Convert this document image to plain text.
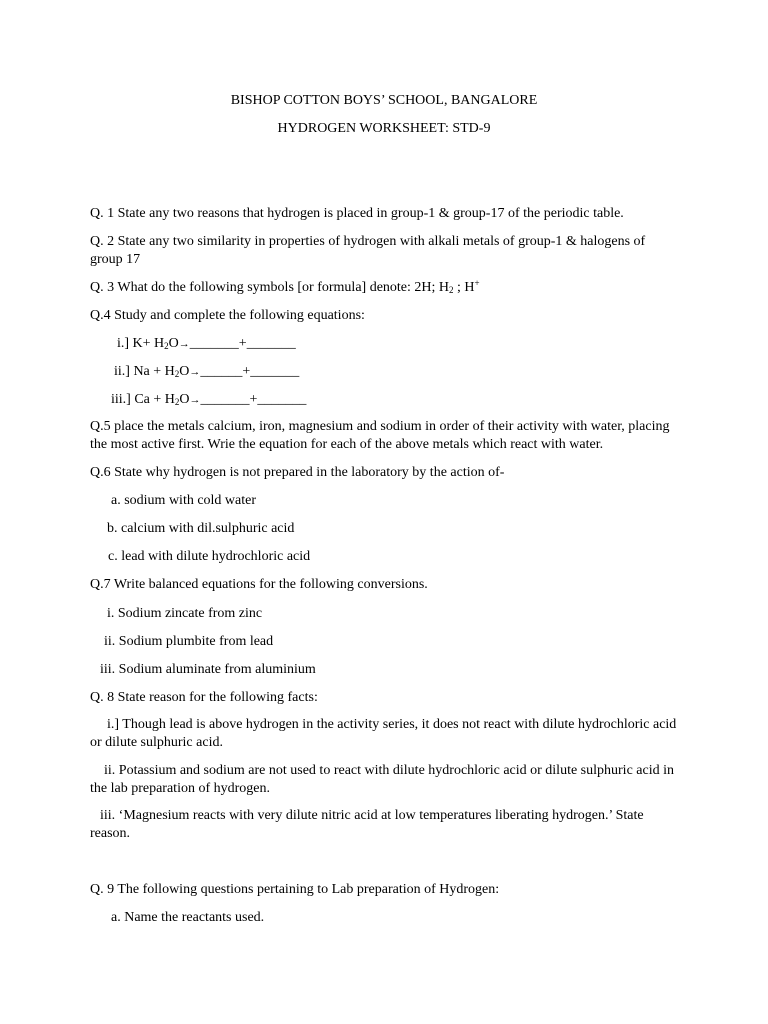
BISHOP COTTON BOYS’ SCHOOL, BANGALORE
HYDROGEN WORKSHEET: STD-9
Q. 1 State any two reasons that hydrogen is placed in group-1 & group-17 of the periodic table.
Q. 2 State any two similarity in properties of hydrogen with alkali metals of group-1 & halogens of group 17
Q. 3 What do the following symbols [or formula] denote: 2H; $H_2$ ; H+
Q.4 Study and complete the following equations:
i.] $K+ H_2O\to\_\_\_\_\_\_\_+\_\_\_\_\_\_\_$
ii.] $Na + H_2O\to\_\_\_\_\_\_+\_\_\_\_\_\_\_$
iii.] $Ca + H_2O\to\_\_\_\_\_\_\_+\_\_\_\_\_\_\_$
Q.5 place the metals calcium, iron, magnesium and sodium in order of their activity with water, placing the most active first. Wrie the equation for each of the above metals which react with water.
Q.6 State why hydrogen is not prepared in the laboratory by the action of-
a. sodium with cold water
b. calcium with dil.sulphuric acid
c. lead with dilute hydrochloric acid
Q.7 Write balanced equations for the following conversions.
i. Sodium zincate from zinc
ii. Sodium plumbite from lead
iii. Sodium aluminate from aluminium
Q. 8 State reason for the following facts:
i.] Though lead is above hydrogen in the activity series, it does not react with dilute hydrochloric acid or dilute sulphuric acid.
ii. Potassium and sodium are not used to react with dilute hydrochloric acid or dilute sulphuric acid in the lab preparation of hydrogen.
iii. ‘Magnesium reacts with very dilute nitric acid at low temperatures liberating hydrogen.’ State reason.
Q. 9 The following questions pertaining to Lab preparation of Hydrogen:
a. Name the reactants used.
